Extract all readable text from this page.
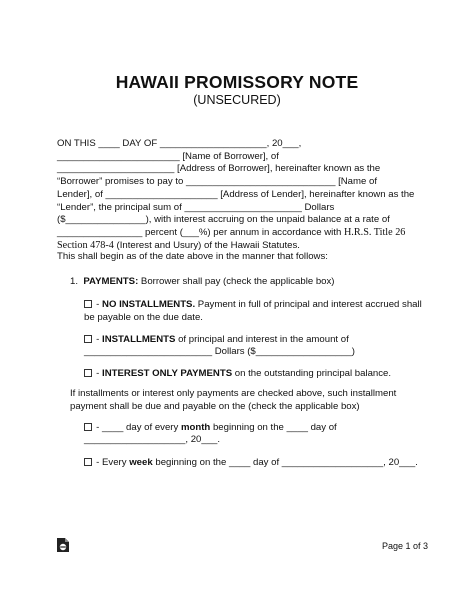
HAWAII PROMISSORY NOTE
(UNSECURED)
ON THIS ____ DAY OF ____________________, 20___,
_______________________ [Name of Borrower], of
______________________ [Address of Borrower], hereinafter known as the
“Borrower” promises to pay to ____________________________ [Name of
Lender], of _____________________ [Address of Lender], hereinafter known as the
“Lender”, the principal sum of ______________________ Dollars
($_______________), with interest accruing on the unpaid balance at a rate of
________________ percent (___%) per annum in accordance with H.R.S. Title 26
Section 478-4 (Interest and Usury) of the Hawaii Statutes.
This shall begin as of the date above in the manner that follows:
1. PAYMENTS: Borrower shall pay (check the applicable box)
- NO INSTALLMENTS. Payment in full of principal and interest accrued shall be payable on the due date.
- INSTALLMENTS of principal and interest in the amount of
________________________ Dollars ($__________________)
- INTEREST ONLY PAYMENTS on the outstanding principal balance.
If installments or interest only payments are checked above, such installment payment shall be due and payable on the (check the applicable box)
- ____ day of every month beginning on the ____ day of
___________________, 20___.
- Every week beginning on the ____ day of ___________________, 20___.
Page 1 of 3
